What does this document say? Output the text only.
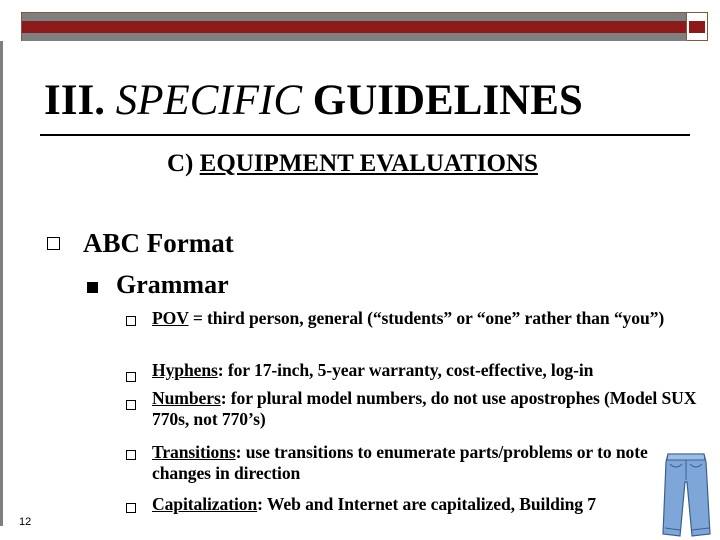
III. SPECIFIC GUIDELINES
C) EQUIPMENT EVALUATIONS
ABC Format
Grammar
POV = third person, general (“students” or “one” rather than “you”)
Hyphens: for 17-inch, 5-year warranty, cost-effective, log-in
Numbers: for plural model numbers, do not use apostrophes (Model SUX 770s, not 770’s)
Transitions: use transitions to enumerate parts/problems or to note changes in direction
Capitalization: Web and Internet are capitalized, Building 7
12
